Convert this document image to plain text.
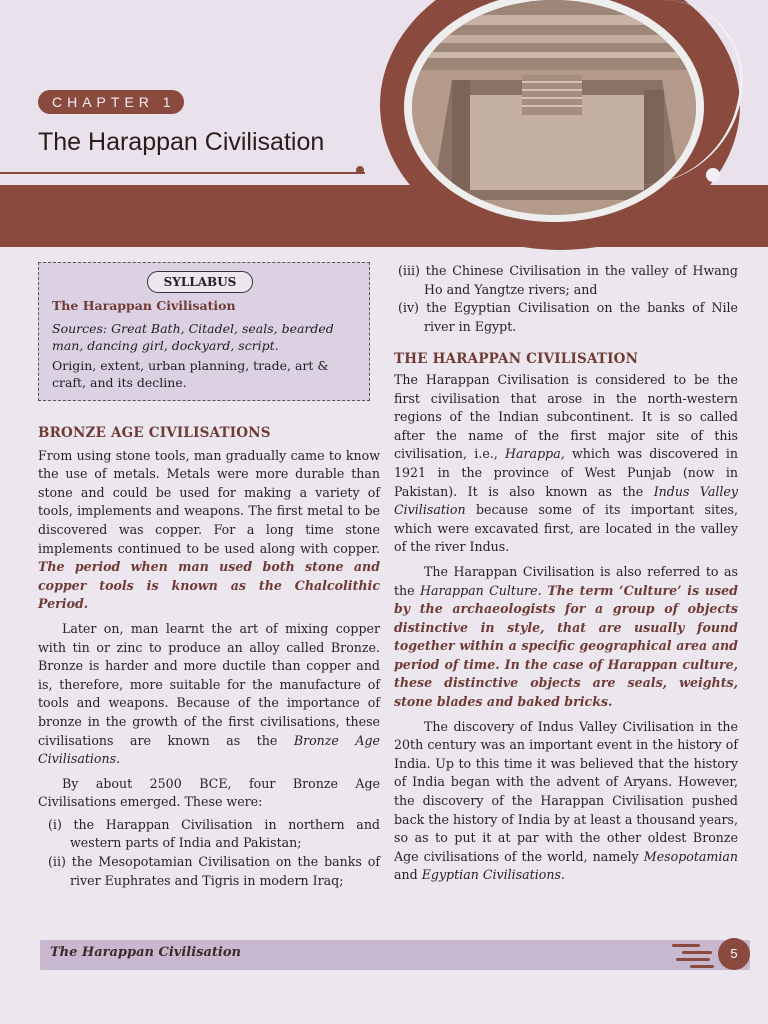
CHAPTER 1
The Harappan Civilisation
SYLLABUS
The Harappan Civilisation
Sources: Great Bath, Citadel, seals, bearded man, dancing girl, dockyard, script.
Origin, extent, urban planning, trade, art & craft, and its decline.

BRONZE AGE CIVILISATIONS

From using stone tools, man gradually came to know the use of metals. Metals were more durable than stone and could be used for making a variety of tools, implements and weapons. The first metal to be discovered was copper. For a long time stone implements continued to be used along with copper. The period when man used both stone and copper tools is known as the Chalcolithic Period.

Later on, man learnt the art of mixing copper with tin or zinc to produce an alloy called Bronze. Bronze is harder and more ductile than copper and is, therefore, more suitable for the manufacture of tools and weapons. Because of the importance of bronze in the growth of the first civilisations, these civilisations are known as the Bronze Age Civilisations.

By about 2500 BCE, four Bronze Age Civilisations emerged. These were:

(i) the Harappan Civilisation in northern and western parts of India and Pakistan;

(ii) the Mesopotamian Civilisation on the banks of river Euphrates and Tigris in modern Iraq;

(iii) the Chinese Civilisation in the valley of Hwang Ho and Yangtze rivers; and

(iv) the Egyptian Civilisation on the banks of Nile river in Egypt.

THE HARAPPAN CIVILISATION

The Harappan Civilisation is considered to be the first civilisation that arose in the north-western regions of the Indian subcontinent. It is so called after the name of the first major site of this civilisation, i.e., Harappa, which was discovered in 1921 in the province of West Punjab (now in Pakistan). It is also known as the Indus Valley Civilisation because some of its important sites, which were excavated first, are located in the valley of the river Indus.

The Harappan Civilisation is also referred to as the Harappan Culture. The term ‘Culture’ is used by the archaeologists for a group of objects distinctive in style, that are usually found together within a specific geographical area and period of time. In the case of Harappan culture, these distinctive objects are seals, weights, stone blades and baked bricks.

The discovery of Indus Valley Civilisation in the 20th century was an important event in the history of India. Up to this time it was believed that the history of India began with the advent of Aryans. However, the discovery of the Harappan Civilisation pushed back the history of India by at least a thousand years, so as to put it at par with the other oldest Bronze Age civilisations of the world, namely Mesopotamian and Egyptian Civilisations.

The Harappan Civilisation	5
